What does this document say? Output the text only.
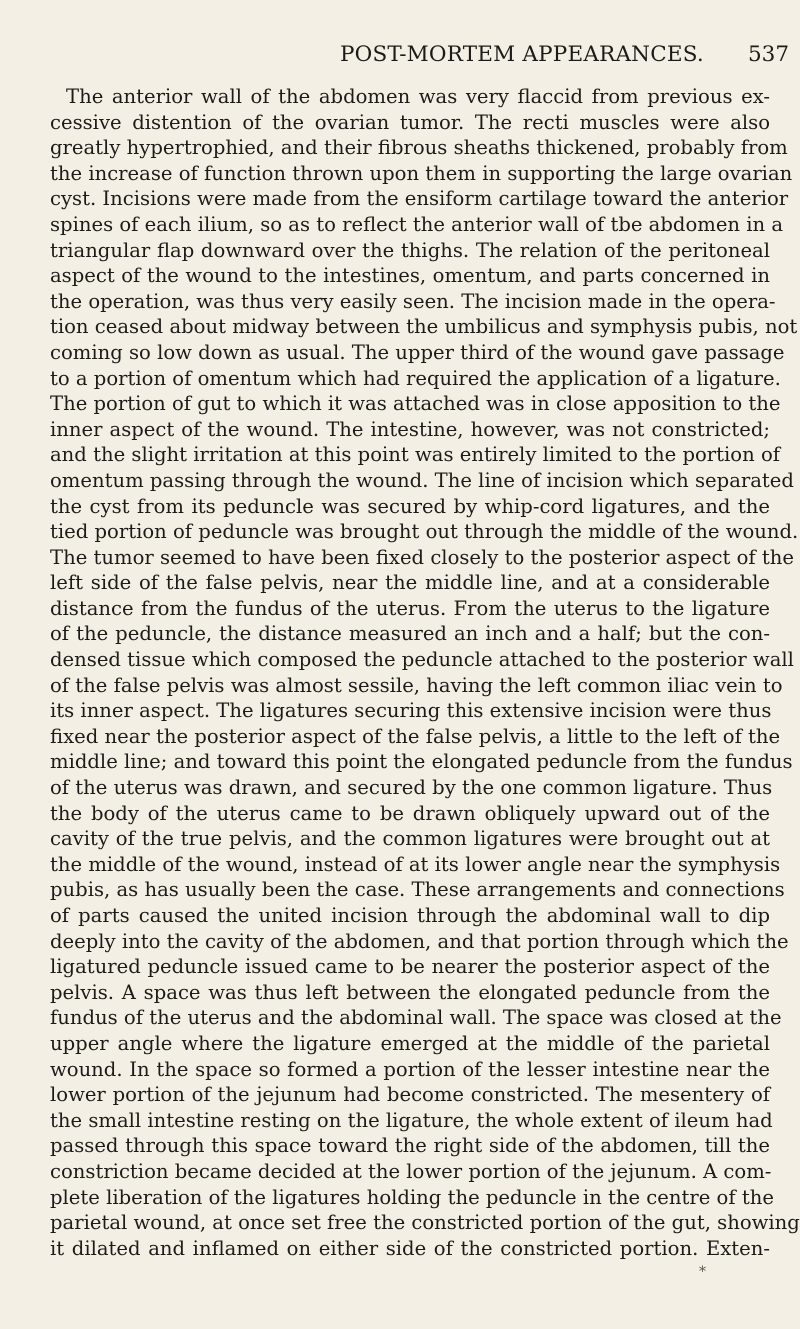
POST-MORTEM APPEARANCES. 537
The anterior wall of the abdomen was very flaccid from previous ex-
cessive distention of the ovarian tumor. The recti muscles were also
greatly hypertrophied, and their fibrous sheaths thickened, probably from
the increase of function thrown upon them in supporting the large ovarian
cyst. Incisions were made from the ensiform cartilage toward the anterior
spines of each ilium, so as to reflect the anterior wall of tbe abdomen in a
triangular flap downward over the thighs. The relation of the peritoneal
aspect of the wound to the intestines, omentum, and parts concerned in
the operation, was thus very easily seen. The incision made in the opera-
tion ceased about midway between the umbilicus and symphysis pubis, not
coming so low down as usual. The upper third of the wound gave passage
to a portion of omentum which had required the application of a ligature.
The portion of gut to which it was attached was in close apposition to the
inner aspect of the wound. The intestine, however, was not constricted;
and the slight irritation at this point was entirely limited to the portion of
omentum passing through the wound. The line of incision which separated
the cyst from its peduncle was secured by whip-cord ligatures, and the
tied portion of peduncle was brought out through the middle of the wound.
The tumor seemed to have been fixed closely to the posterior aspect of the
left side of the false pelvis, near the middle line, and at a considerable
distance from the fundus of the uterus. From the uterus to the ligature
of the peduncle, the distance measured an inch and a half; but the con-
densed tissue which composed the peduncle attached to the posterior wall
of the false pelvis was almost sessile, having the left common iliac vein to
its inner aspect. The ligatures securing this extensive incision were thus
fixed near the posterior aspect of the false pelvis, a little to the left of the
middle line; and toward this point the elongated peduncle from the fundus
of the uterus was drawn, and secured by the one common ligature. Thus
the body of the uterus came to be drawn obliquely upward out of the
cavity of the true pelvis, and the common ligatures were brought out at
the middle of the wound, instead of at its lower angle near the symphysis
pubis, as has usually been the case. These arrangements and connections
of parts caused the united incision through the abdominal wall to dip
deeply into the cavity of the abdomen, and that portion through which the
ligatured peduncle issued came to be nearer the posterior aspect of the
pelvis. A space was thus left between the elongated peduncle from the
fundus of the uterus and the abdominal wall. The space was closed at the
upper angle where the ligature emerged at the middle of the parietal
wound. In the space so formed a portion of the lesser intestine near the
lower portion of the jejunum had become constricted. The mesentery of
the small intestine resting on the ligature, the whole extent of ileum had
passed through this space toward the right side of the abdomen, till the
constriction became decided at the lower portion of the jejunum. A com-
plete liberation of the ligatures holding the peduncle in the centre of the
parietal wound, at once set free the constricted portion of the gut, showing
it dilated and inflamed on either side of the constricted portion. Exten-
*
